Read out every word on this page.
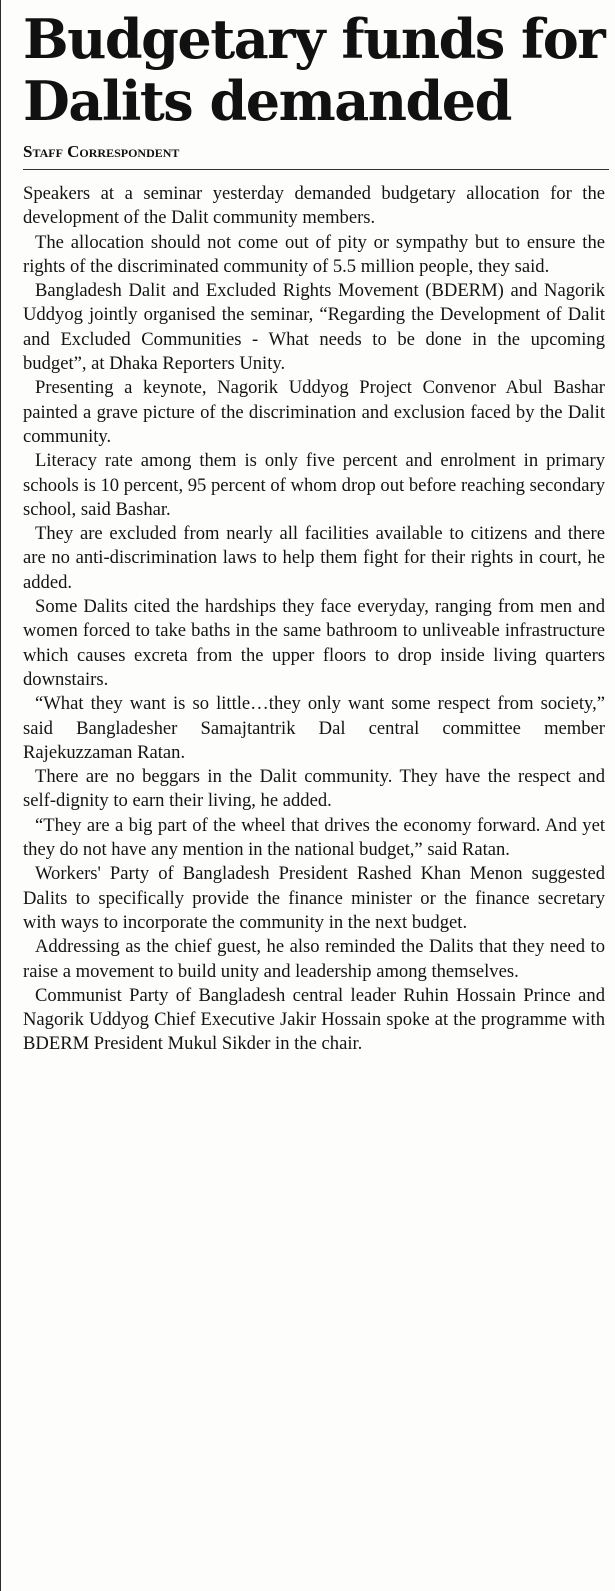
Budgetary funds for Dalits demanded
Staff Correspondent

Speakers at a seminar yesterday demanded budgetary allocation for the development of the Dalit community members.

The allocation should not come out of pity or sympathy but to ensure the rights of the discriminated community of 5.5 million people, they said.

Bangladesh Dalit and Excluded Rights Movement (BDERM) and Nagorik Uddyog jointly organised the seminar, “Regarding the Development of Dalit and Excluded Communities - What needs to be done in the upcoming budget”, at Dhaka Reporters Unity.

Presenting a keynote, Nagorik Uddyog Project Convenor Abul Bashar painted a grave picture of the discrimination and exclusion faced by the Dalit community.

Literacy rate among them is only five percent and enrolment in primary schools is 10 percent, 95 percent of whom drop out before reaching secondary school, said Bashar.

They are excluded from nearly all facilities available to citizens and there are no anti-discrimination laws to help them fight for their rights in court, he added.

Some Dalits cited the hardships they face everyday, ranging from men and women forced to take baths in the same bathroom to unliveable infrastructure which causes excreta from the upper floors to drop inside living quarters downstairs.

“What they want is so little…they only want some respect from society,” said Bangladesher Samajtantrik Dal central committee member Rajekuzzaman Ratan.

There are no beggars in the Dalit community. They have the respect and self-dignity to earn their living, he added.

“They are a big part of the wheel that drives the economy forward. And yet they do not have any mention in the national budget,” said Ratan.

Workers' Party of Bangladesh President Rashed Khan Menon suggested Dalits to specifically provide the finance minister or the finance secretary with ways to incorporate the community in the next budget.

Addressing as the chief guest, he also reminded the Dalits that they need to raise a movement to build unity and leadership among themselves.

Communist Party of Bangladesh central leader Ruhin Hossain Prince and Nagorik Uddyog Chief Executive Jakir Hossain spoke at the programme with BDERM President Mukul Sikder in the chair.
